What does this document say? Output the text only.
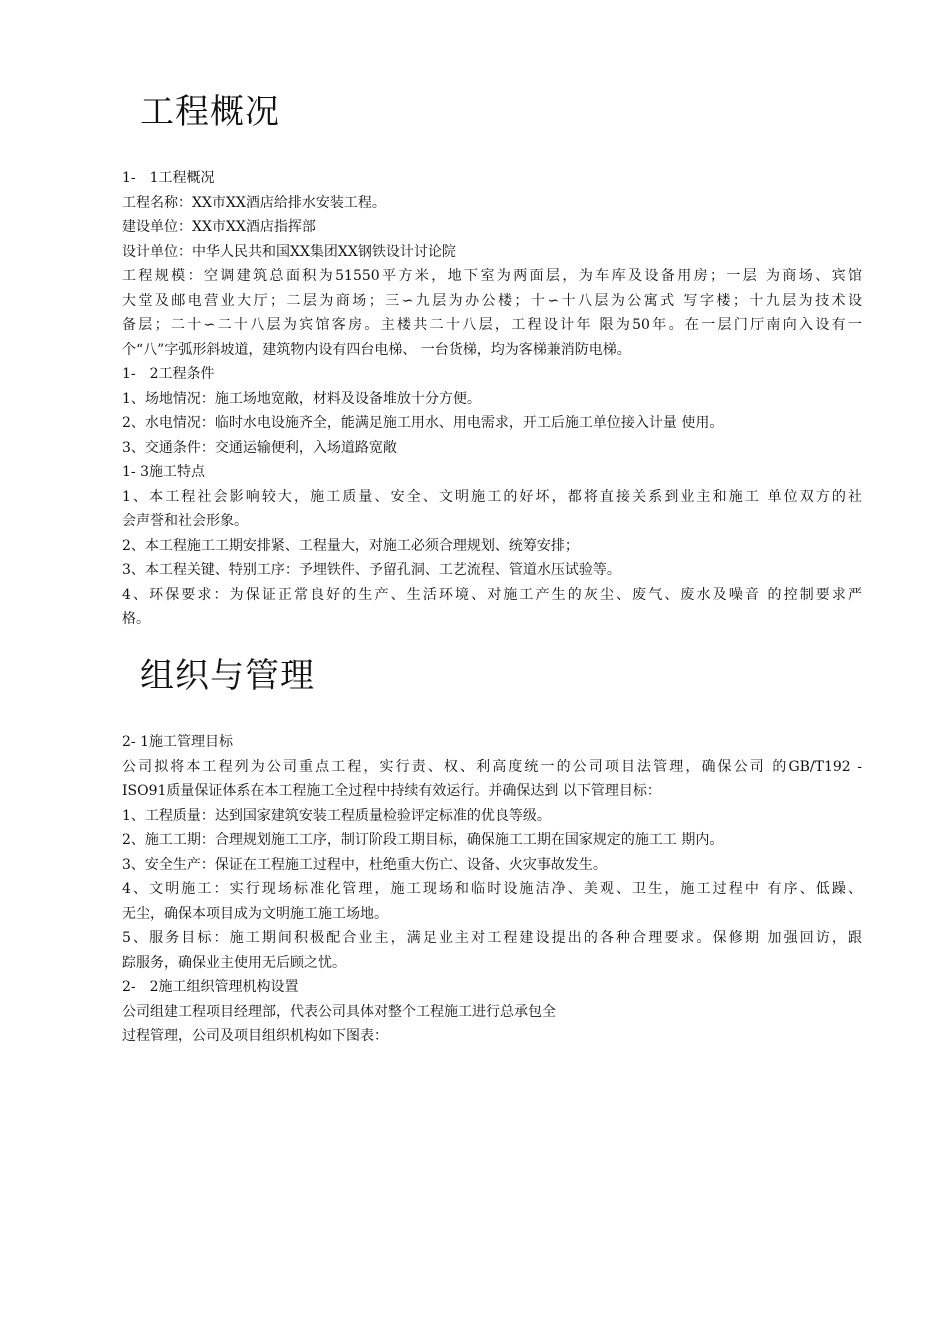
工程概况
1-　1工程概况
工程名称：XX市XX酒店给排水安装工程。
建设单位：XX市XX酒店指挥部
设计单位：中华人民共和国XX集团XX钢铁设计讨论院
工程规模：空调建筑总面积为51550平方米，地下室为两面层，为车库及设备用房；一层 为商场、宾馆
大堂及邮电营业大厅；二层为商场；三∽九层为办公楼；十∽十八层为公寓式 写字楼；十九层为技术设
备层；二十∽二十八层为宾馆客房。主楼共二十八层，工程设计年 限为50年。在一层门厅南向入设有一
个“八”字弧形斜坡道，建筑物内设有四台电梯、 一台货梯，均为客梯兼消防电梯。
1-　2工程条件
1、场地情况：施工场地宽敞，材料及设备堆放十分方便。
2、水电情况：临时水电设施齐全，能满足施工用水、用电需求，开工后施工单位接入计量 使用。
3、交通条件：交通运输便利，入场道路宽敞
1- 3施工特点
1、本工程社会影响较大，施工质量、安全、文明施工的好坏，都将直接关系到业主和施工 单位双方的社
会声誉和社会形象。
2、本工程施工工期安排紧、工程量大，对施工必须合理规划、统筹安排；
3、本工程关键、特别工序：予埋铁件、予留孔洞、工艺流程、管道水压试验等。
4、环保要求：为保证正常良好的生产、生活环境、对施工产生的灰尘、废气、废水及噪音 的控制要求严
格。
组织与管理
2- 1施工管理目标
公司拟将本工程列为公司重点工程，实行责、权、利高度统一的公司项目法管理，确保公司 的GB/T192 -
ISO91质量保证体系在本工程施工全过程中持续有效运行。并确保达到 以下管理目标：
1、工程质量：达到国家建筑安装工程质量检验评定标准的优良等级。
2、施工工期：合理规划施工工序，制订阶段工期目标，确保施工工期在国家规定的施工工 期内。
3、安全生产：保证在工程施工过程中，杜绝重大伤亡、设备、火灾事故发生。
4、文明施工：实行现场标准化管理，施工现场和临时设施洁净、美观、卫生，施工过程中 有序、低躁、
无尘，确保本项目成为文明施工施工场地。
5、服务目标：施工期间积极配合业主，满足业主对工程建设提出的各种合理要求。保修期 加强回访，跟
踪服务，确保业主使用无后顾之忧。
2-　2施工组织管理机构设置
公司组建工程项目经理部，代表公司具体对整个工程施工进行总承包全
过程管理，公司及项目组织机构如下图表：
